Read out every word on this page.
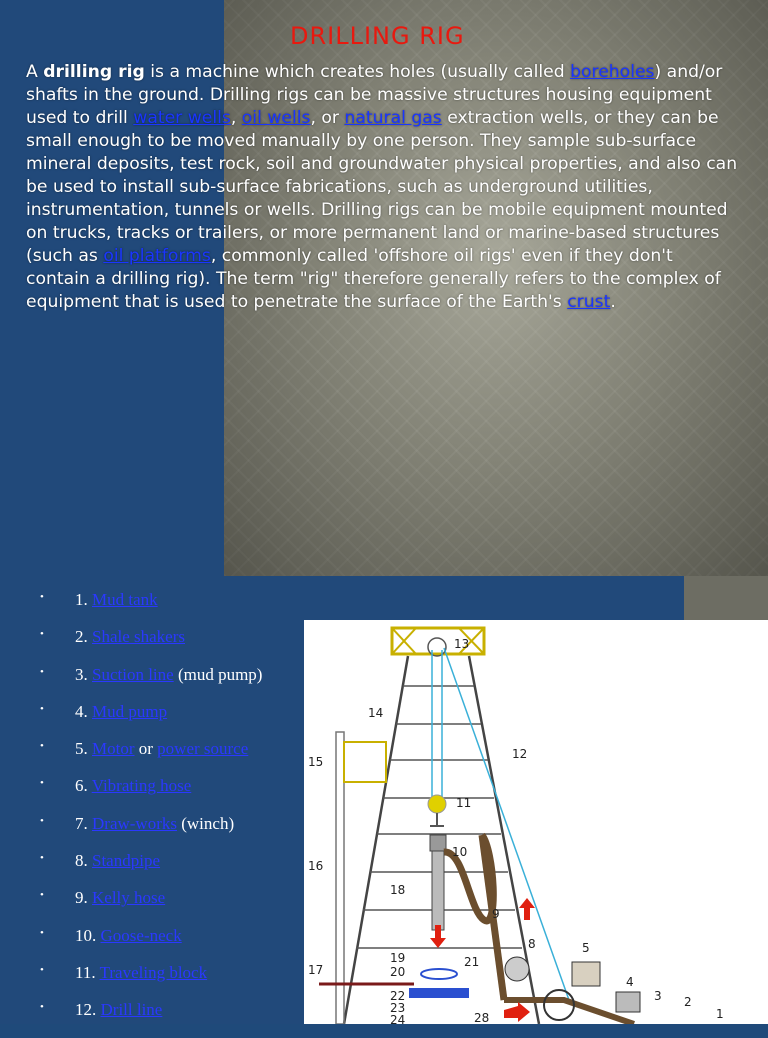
DRILLING RIG

A drilling rig is a machine which creates holes (usually called boreholes) and/or shafts in the ground. Drilling rigs can be massive structures housing equipment used to drill water wells, oil wells, or natural gas extraction wells, or they can be small enough to be moved manually by one person. They sample sub-surface mineral deposits, test rock, soil and groundwater physical properties, and also can be used to install sub-surface fabrications, such as underground utilities, instrumentation, tunnels or wells. Drilling rigs can be mobile equipment mounted on trucks, tracks or trailers, or more permanent land or marine-based structures (such as oil platforms, commonly called 'offshore oil rigs' even if they don't contain a drilling rig). The term "rig" therefore generally refers to the complex of equipment that is used to penetrate the surface of the Earth's crust.

• 1. Mud tank
• 2. Shale shakers
• 3. Suction line (mud pump)
• 4. Mud pump
• 5. Motor or power source
• 6. Vibrating hose
• 7. Draw-works (winch)
• 8. Standpipe
• 9. Kelly hose
• 10. Goose-neck
• 11. Traveling block
• 12. Drill line
13
14
12
15
11
10
16
18
9
8	5
19
20
21
17
4
3 2
1
22
23
24	28
